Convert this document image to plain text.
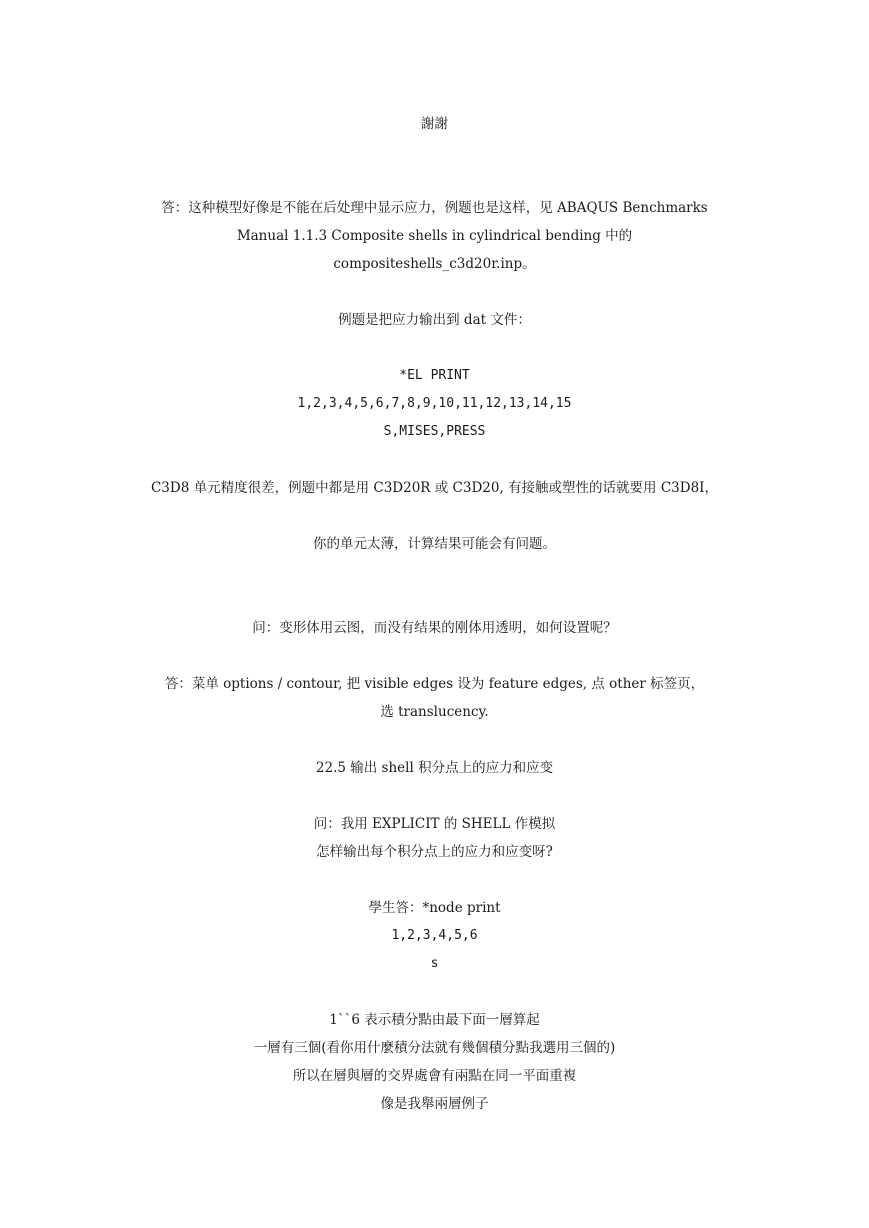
謝謝
答：这种模型好像是不能在后处理中显示应力，例题也是这样，见 ABAQUS Benchmarks
Manual 1.1.3 Composite shells in cylindrical bending 中的
compositeshells_c3d20r.inp。
例题是把应力输出到 dat 文件：
*EL PRINT
1,2,3,4,5,6,7,8,9,10,11,12,13,14,15
S,MISES,PRESS
C3D8 单元精度很差，例题中都是用 C3D20R 或 C3D20, 有接触或塑性的话就要用 C3D8I，
你的单元太薄，计算结果可能会有问题。
问：变形体用云图，而没有结果的刚体用透明，如何设置呢？
答：菜单 options / contour, 把 visible edges 设为 feature edges, 点 other 标签页，
选 translucency.
22.5 输出 shell 积分点上的应力和应变
问：我用 EXPLICIT 的 SHELL 作模拟
怎样输出每个积分点上的应力和应变呀?
學生答：*node print
1,2,3,4,5,6
s
1``6 表示積分點由最下面一層算起
一層有三個(看你用什麼積分法就有幾個積分點我選用三個的)
所以在層與層的交界處會有兩點在同一平面重複
像是我舉兩層例子
